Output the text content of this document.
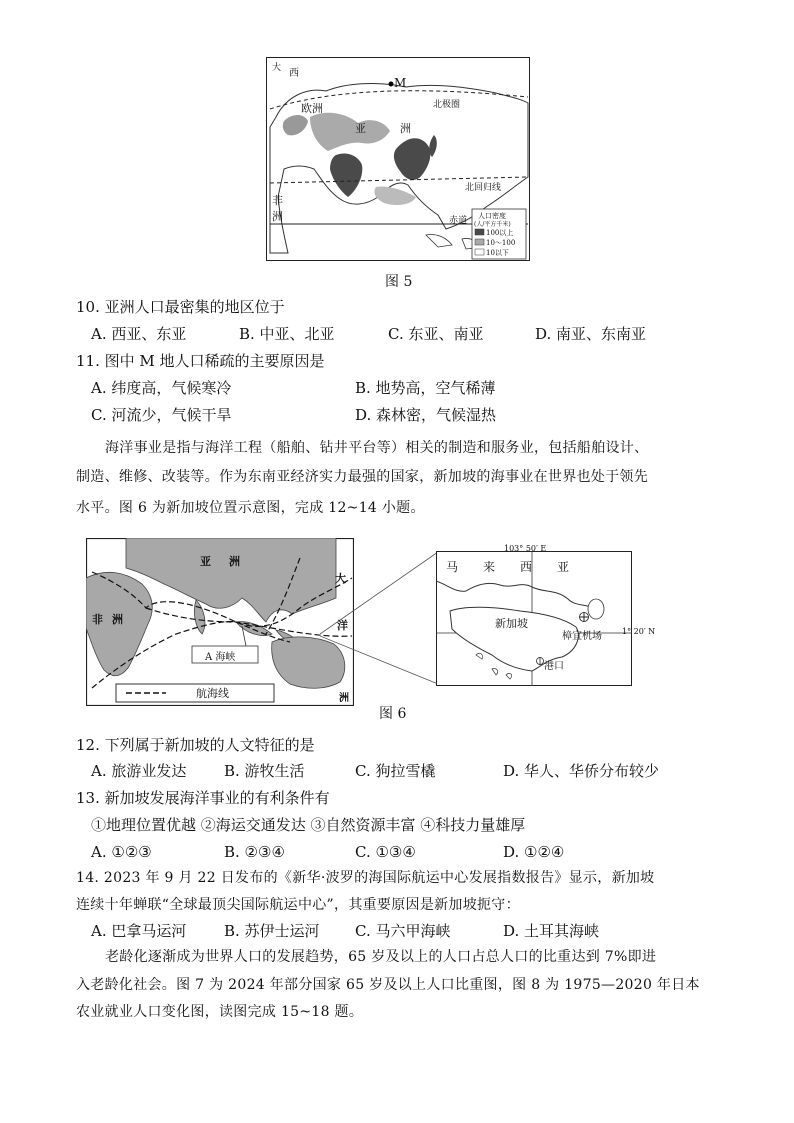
大 西
M
欧洲
亚	洲
北极圈
北回归线
非
洲	赤道 人口密度
(人/平方千米)
100以上
10～100
10以下
图 5
10. 亚洲人口最密集的地区位于
A. 西亚、东亚	B. 中亚、北亚	C. 东亚、南亚	D. 南亚、东南亚
11. 图中 M 地人口稀疏的主要原因是
A. 纬度高，气候寒冷	B. 地势高，空气稀薄
C. 河流少，气候干旱	D. 森林密，气候湿热
海洋事业是指与海洋工程（船舶、钻井平台等）相关的制造和服务业，包括船舶设计、
制造、维修、改装等。作为东南亚经济实力最强的国家，新加坡的海事业在世界也处于领先
水平。图 6 为新加坡位置示意图，完成 12~14 小题。
亚 洲
大
洋
非 洲
洲
A 海峡
航海线
103° 50′ E
马 来 西 亚
新加坡
樟宜机场	1° 20′ N
港口
图 6
12. 下列属于新加坡的人文特征的是
A. 旅游业发达	B. 游牧生活	C. 狗拉雪橇	D. 华人、华侨分布较少
13. 新加坡发展海洋事业的有利条件有
①地理位置优越 ②海运交通发达 ③自然资源丰富 ④科技力量雄厚
A. ①②③	B. ②③④	C. ①③④	D. ①②④
14. 2023 年 9 月 22 日发布的《新华·波罗的海国际航运中心发展指数报告》显示，新加坡
连续十年蝉联“全球最顶尖国际航运中心”，其重要原因是新加坡扼守：
A. 巴拿马运河	B. 苏伊士运河 C. 马六甲海峡	D. 土耳其海峡
老龄化逐渐成为世界人口的发展趋势，65 岁及以上的人口占总人口的比重达到 7%即进
入老龄化社会。图 7 为 2024 年部分国家 65 岁及以上人口比重图，图 8 为 1975—2020 年日本
农业就业人口变化图，读图完成 15~18 题。
